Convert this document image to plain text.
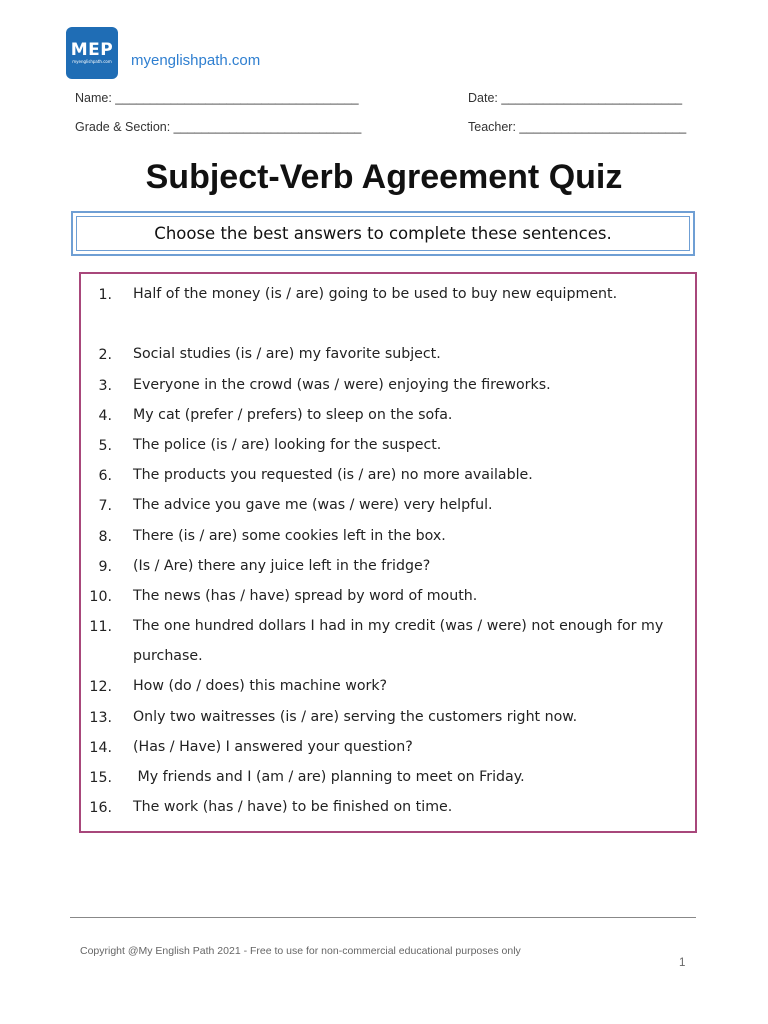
MEP
myenglishpath.com myenglishpath.com
Name: ___________________________________	Date: __________________________
Grade & Section: ___________________________	Teacher: ________________________
Subject-Verb Agreement Quiz
Choose the best answers to complete these sentences.
1. Half of the money (is / are) going to be used to buy new equipment.
2. Social studies (is / are) my favorite subject.
3. Everyone in the crowd (was / were) enjoying the fireworks.
4. My cat (prefer / prefers) to sleep on the sofa.
5. The police (is / are) looking for the suspect.
6. The products you requested (is / are) no more available.
7. The advice you gave me (was / were) very helpful.
8. There (is / are) some cookies left in the box.
9. (Is / Are) there any juice left in the fridge?
10. The news (has / have) spread by word of mouth.
11. The one hundred dollars I had in my credit (was / were) not enough for my purchase.
12. How (do / does) this machine work?
13. Only two waitresses (is / are) serving the customers right now.
14. (Has / Have) I answered your question?
15. My friends and I (am / are) planning to meet on Friday.
16. The work (has / have) to be finished on time.
Copyright @My English Path 2021 - Free to use for non-commercial educational purposes only
1
